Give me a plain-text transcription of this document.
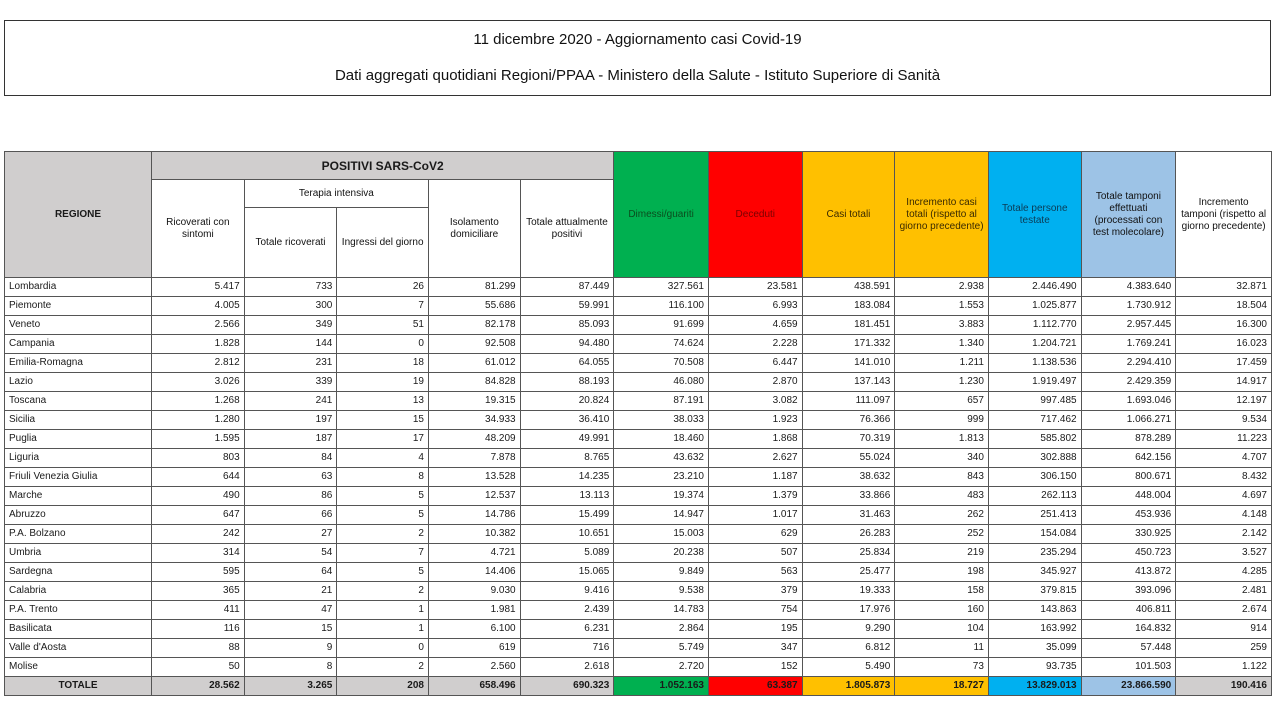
11 dicembre 2020 - Aggiornamento casi Covid-19
Dati aggregati quotidiani Regioni/PPAA - Ministero della Salute - Istituto Superiore di Sanità
REGIONE	POSITIVI SARS-CoV2					Dimessi/guariti	Deceduti	Casi totali	Incremento casi totali (rispetto al giorno precedente)	Totale persone testate	Totale tamponi effettuati (processati con test molecolare)	Incremento tamponi (rispetto al giorno precedente)
	Ricoverati con sintomi	Terapia intensiva		Isolamento domiciliare	Totale attualmente positivi							
		Totale ricoverati	Ingressi del giorno									
Lombardia	5.417	733	26	81.299	87.449	327.561	23.581	438.591	2.938	2.446.490	4.383.640	32.871
Piemonte	4.005	300	7	55.686	59.991	116.100	6.993	183.084	1.553	1.025.877	1.730.912	18.504
Veneto	2.566	349	51	82.178	85.093	91.699	4.659	181.451	3.883	1.112.770	2.957.445	16.300
Campania	1.828	144	0	92.508	94.480	74.624	2.228	171.332	1.340	1.204.721	1.769.241	16.023
Emilia-Romagna	2.812	231	18	61.012	64.055	70.508	6.447	141.010	1.211	1.138.536	2.294.410	17.459
Lazio	3.026	339	19	84.828	88.193	46.080	2.870	137.143	1.230	1.919.497	2.429.359	14.917
Toscana	1.268	241	13	19.315	20.824	87.191	3.082	111.097	657	997.485	1.693.046	12.197
Sicilia	1.280	197	15	34.933	36.410	38.033	1.923	76.366	999	717.462	1.066.271	9.534
Puglia	1.595	187	17	48.209	49.991	18.460	1.868	70.319	1.813	585.802	878.289	11.223
Liguria	803	84	4	7.878	8.765	43.632	2.627	55.024	340	302.888	642.156	4.707
Friuli Venezia Giulia	644	63	8	13.528	14.235	23.210	1.187	38.632	843	306.150	800.671	8.432
Marche	490	86	5	12.537	13.113	19.374	1.379	33.866	483	262.113	448.004	4.697
Abruzzo	647	66	5	14.786	15.499	14.947	1.017	31.463	262	251.413	453.936	4.148
P.A. Bolzano	242	27	2	10.382	10.651	15.003	629	26.283	252	154.084	330.925	2.142
Umbria	314	54	7	4.721	5.089	20.238	507	25.834	219	235.294	450.723	3.527
Sardegna	595	64	5	14.406	15.065	9.849	563	25.477	198	345.927	413.872	4.285
Calabria	365	21	2	9.030	9.416	9.538	379	19.333	158	379.815	393.096	2.481
P.A. Trento	411	47	1	1.981	2.439	14.783	754	17.976	160	143.863	406.811	2.674
Basilicata	116	15	1	6.100	6.231	2.864	195	9.290	104	163.992	164.832	914
Valle d'Aosta	88	9	0	619	716	5.749	347	6.812	11	35.099	57.448	259
Molise	50	8	2	2.560	2.618	2.720	152	5.490	73	93.735	101.503	1.122
TOTALE	28.562	3.265	208	658.496	690.323	1.052.163	63.387	1.805.873	18.727	13.829.013	23.866.590	190.416
